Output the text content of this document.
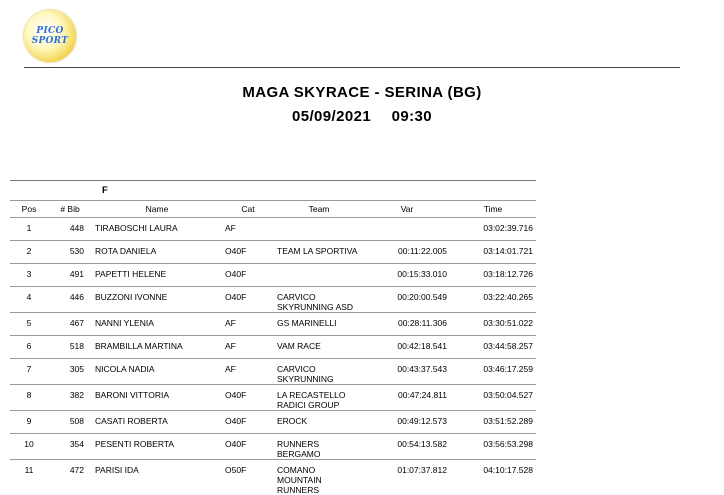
PICO
SPORT
MAGA SKYRACE - SERINA (BG)
05/09/2021 09:30
		F				
Pos	# Bib	Name	Cat	Team	Var	Time
1	448	TIRABOSCHI LAURA	AF			03:02:39.716
2	530	ROTA DANIELA	O40F	TEAM LA SPORTIVA	00:11:22.005	03:14:01.721
3	491	PAPETTI HELENE	O40F		00:15:33.010	03:18:12.726
4	446	BUZZONI IVONNE	O40F	CARVICO SKYRUNNING ASD	00:20:00.549	03:22:40.265
5	467	NANNI YLENIA	AF	GS MARINELLI	00:28:11.306	03:30:51.022
6	518	BRAMBILLA MARTINA	AF	VAM RACE	00:42:18.541	03:44:58.257
7	305	NICOLA NADIA	AF	CARVICO SKYRUNNING	00:43:37.543	03:46:17.259
8	382	BARONI VITTORIA	O40F	LA RECASTELLO RADICI GROUP	00:47:24.811	03:50:04.527
9	508	CASATI ROBERTA	O40F	EROCK	00:49:12.573	03:51:52.289
10	354	PESENTI ROBERTA	O40F	RUNNERS BERGAMO	00:54:13.582	03:56:53.298
11	472	PARISI IDA	O50F	COMANO MOUNTAIN RUNNERS	01:07:37.812	04:10:17.528
